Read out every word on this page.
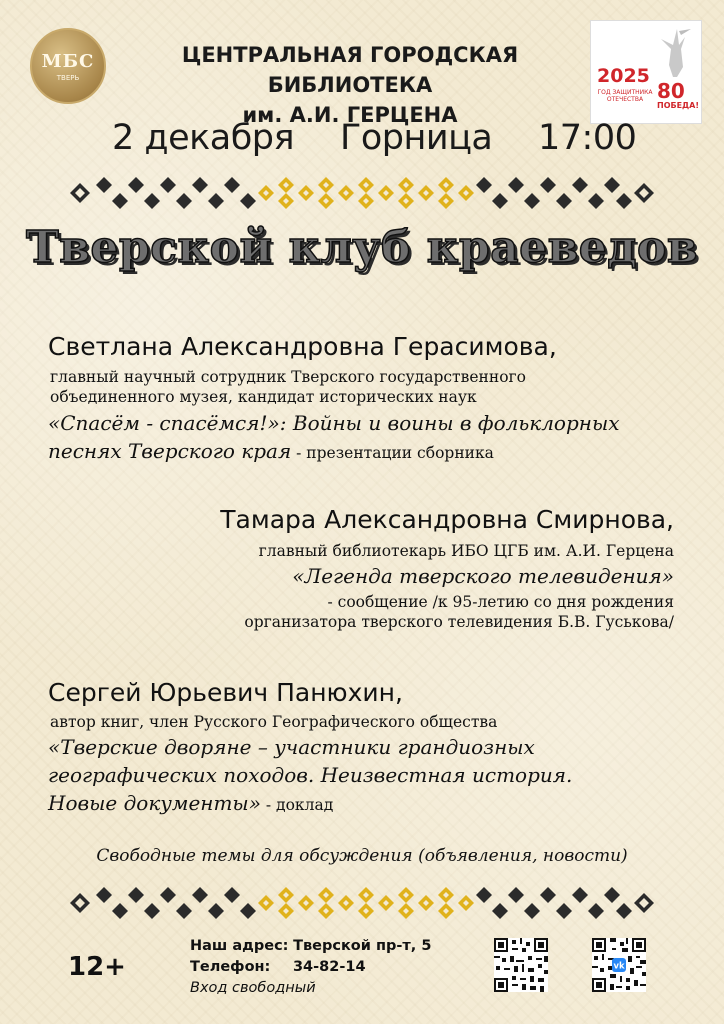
МБС
ТВЕРЬ
ЦЕНТРАЛЬНАЯ ГОРОДСКАЯ БИБЛИОТЕКА
им. А.И. ГЕРЦЕНА
2025
ГОД ЗАЩИТНИКА
ОТЕЧЕСТВА 80
ПОБЕДА!
2 декабря Горница 17:00
Тверской клуб краеведов
Светлана Александровна Герасимова,
главный научный сотрудник Тверского государственного
объединенного музея, кандидат исторических наук
«Спасём - спасёмся!»: Войны и воины в фольклорных
песнях Тверского края - презентации сборника
Тамара Александровна Смирнова,
главный библиотекарь ИБО ЦГБ им. А.И. Герцена
«Легенда тверского телевидения»
- сообщение /к 95-летию со дня рождения
организатора тверского телевидения Б.В. Гуськова/
Сергей Юрьевич Панюхин,
автор книг, член Русского Географического общества
«Тверские дворяне – участники грандиозных
географических походов. Неизвестная история.
Новые документы» - доклад
Свободные темы для обсуждения (объявления, новости)
12+
Наш адрес: Тверской пр-т, 5
Телефон: 34-82-14
Вход свободный
vk
